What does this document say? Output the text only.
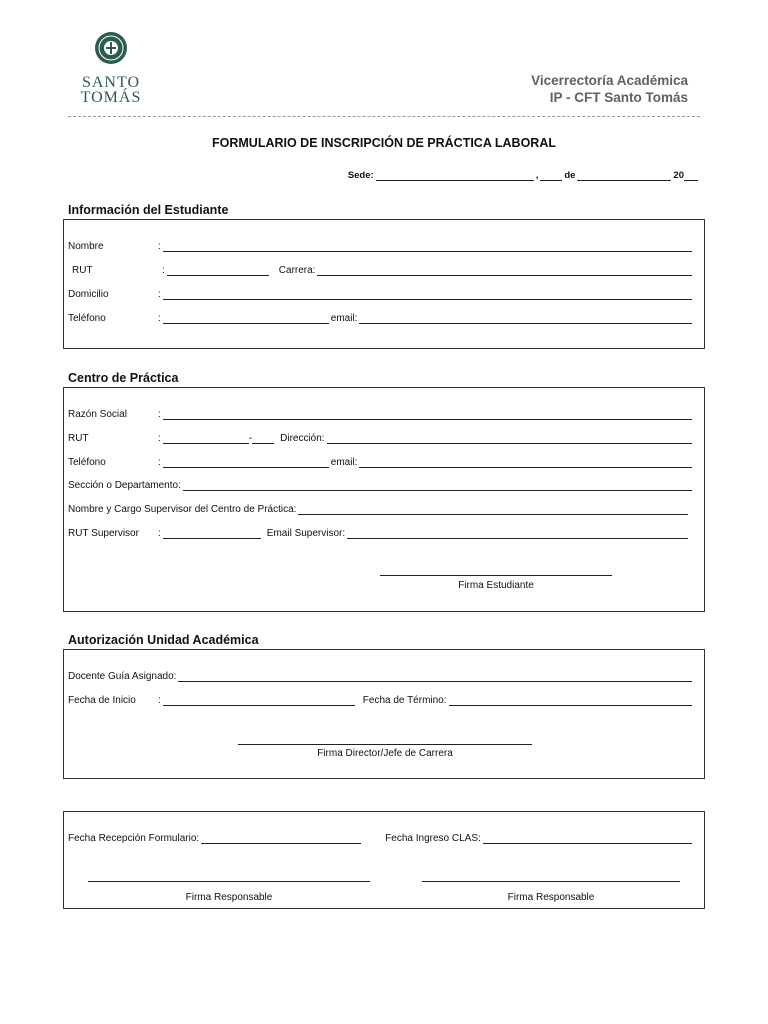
SANTO
TOMÁS
Vicerrectoría Académica
IP - CFT Santo Tomás
FORMULARIO DE INSCRIPCIÓN DE PRÁCTICA LABORAL
Sede:	,	de	20
Información del Estudiante
Nombre	:
RUT	:	Carrera:
Domicilio	:
Teléfono	:	email:
Centro de Práctica
Razón Social	:
RUT	:	-	Dirección:
Teléfono	:	email:
Sección o Departamento:
Nombre y Cargo Supervisor del Centro de Práctica:
RUT Supervisor	:	Email Supervisor:
Firma Estudiante
Autorización Unidad Académica
Docente Guía Asignado:
Fecha de Inicio	:	Fecha de Término:
Firma Director/Jefe de Carrera
Fecha Recepción Formulario:	Fecha Ingreso CLAS:
Firma Responsable	Firma Responsable
